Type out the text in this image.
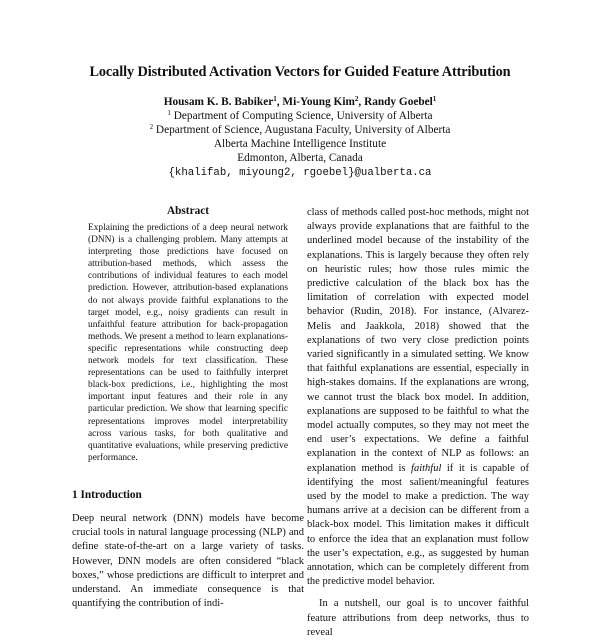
Locally Distributed Activation Vectors for Guided Feature Attribution
Housam K. B. Babiker$^1$, Mi-Young Kim$^2$, Randy Goebel$^1$
$^1$ Department of Computing Science, University of Alberta
$^2$ Department of Science, Augustana Faculty, University of Alberta
Alberta Machine Intelligence Institute
Edmonton, Alberta, Canada
{khalifab, miyoung2, rgoebel}@ualberta.ca
Abstract
Explaining the predictions of a deep neural network (DNN) is a challenging problem. Many attempts at interpreting those predictions have focused on attribution-based methods, which assess the contributions of individual features to each model prediction. However, attribution-based explanations do not always provide faithful explanations to the target model, e.g., noisy gradients can result in unfaithful feature attribution for back-propagation methods. We present a method to learn explanations-specific representations while constructing deep network models for text classification. These representations can be used to faithfully interpret black-box predictions, i.e., highlighting the most important input features and their role in any particular prediction. We show that learning specific representations improves model interpretability across various tasks, for both qualitative and quantitative evaluations, while preserving predictive performance.
1 Introduction
Deep neural network (DNN) models have become crucial tools in natural language processing (NLP) and define state-of-the-art on a large variety of tasks. However, DNN models are often considered “black boxes,” whose predictions are difficult to interpret and understand. An immediate consequence is that quantifying the contribution of indi-

class of methods called post-hoc methods, might not always provide explanations that are faithful to the underlined model because of the instability of the explanations. This is largely because they often rely on heuristic rules; how those rules mimic the predictive calculation of the black box has the limitation of correlation with expected model behavior (Rudin, 2018). For instance, (Alvarez-Melis and Jaakkola, 2018) showed that the explanations of two very close prediction points varied significantly in a simulated setting. We know that faithful explanations are essential, especially in high-stakes domains. If the explanations are wrong, we cannot trust the black box model. In addition, explanations are supposed to be faithful to what the model actually computes, so they may not meet the end user’s expectations. We define a faithful explanation in the context of NLP as follows: an explanation method is faithful if it is capable of identifying the most salient/meaningful features used by the model to make a prediction. The way humans arrive at a decision can be different from a black-box model. This limitation makes it difficult to enforce the idea that an explanation must follow the user’s expectation, e.g., as suggested by human annotation, which can be completely different from the predictive model behavior.

In a nutshell, our goal is to uncover faithful feature attributions from deep networks, thus to reveal
